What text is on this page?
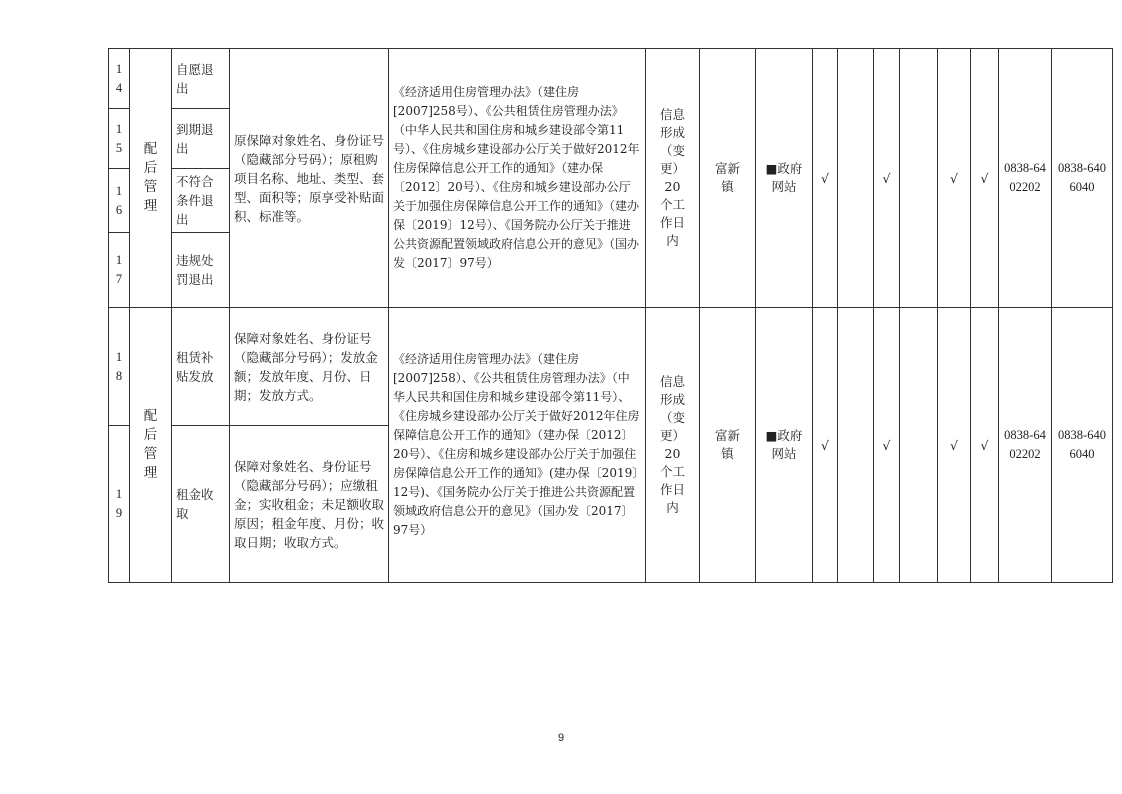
14	配后管理	自愿退出	原保障对象姓名、身份证号（隐藏部分号码）；原租购项目名称、地址、类型、套型、面积等；原享受补贴面积、标准等。	《经济适用住房管理办法》（建住房[2007]258号）、《公共租赁住房管理办法》（中华人民共和国住房和城乡建设部令第11号）、《住房城乡建设部办公厅关于做好2012年住房保障信息公开工作的通知》（建办保〔2012〕20号）、《住房和城乡建设部办公厅关于加强住房保障信息公开工作的通知》（建办保〔2019〕12号）、《国务院办公厅关于推进公共资源配置领域政府信息公开的意见》（国办发〔2017〕97号）	信息形成（变更）20个工作日内	富新镇	■政府网站	√		√		√	√	0838-6402202	0838-6406040

15		到期退出													

16		不符合条件退出													

17		违规处罚退出													

18	配后管理	租赁补贴发放	保障对象姓名、身份证号（隐藏部分号码）；发放金额；发放年度、月份、日期；发放方式。	《经济适用住房管理办法》（建住房[2007]258）、《公共租赁住房管理办法》（中华人民共和国住房和城乡建设部令第11号）、《住房城乡建设部办公厅关于做好2012年住房保障信息公开工作的通知》（建办保〔2012〕20号）、《住房和城乡建设部办公厅关于加强住房保障信息公开工作的通知》(建办保〔2019〕12号)、《国务院办公厅关于推进公共资源配置领域政府信息公开的意见》（国办发〔2017〕97号）	信息形成（变更）20个工作日内	富新镇	■政府网站	√		√		√	√	0838-6402202	0838-6406040

19		租金收取	保障对象姓名、身份证号（隐藏部分号码）；应缴租金；实收租金；未足额收取原因；租金年度、月份；收取日期；收取方式。												
9
